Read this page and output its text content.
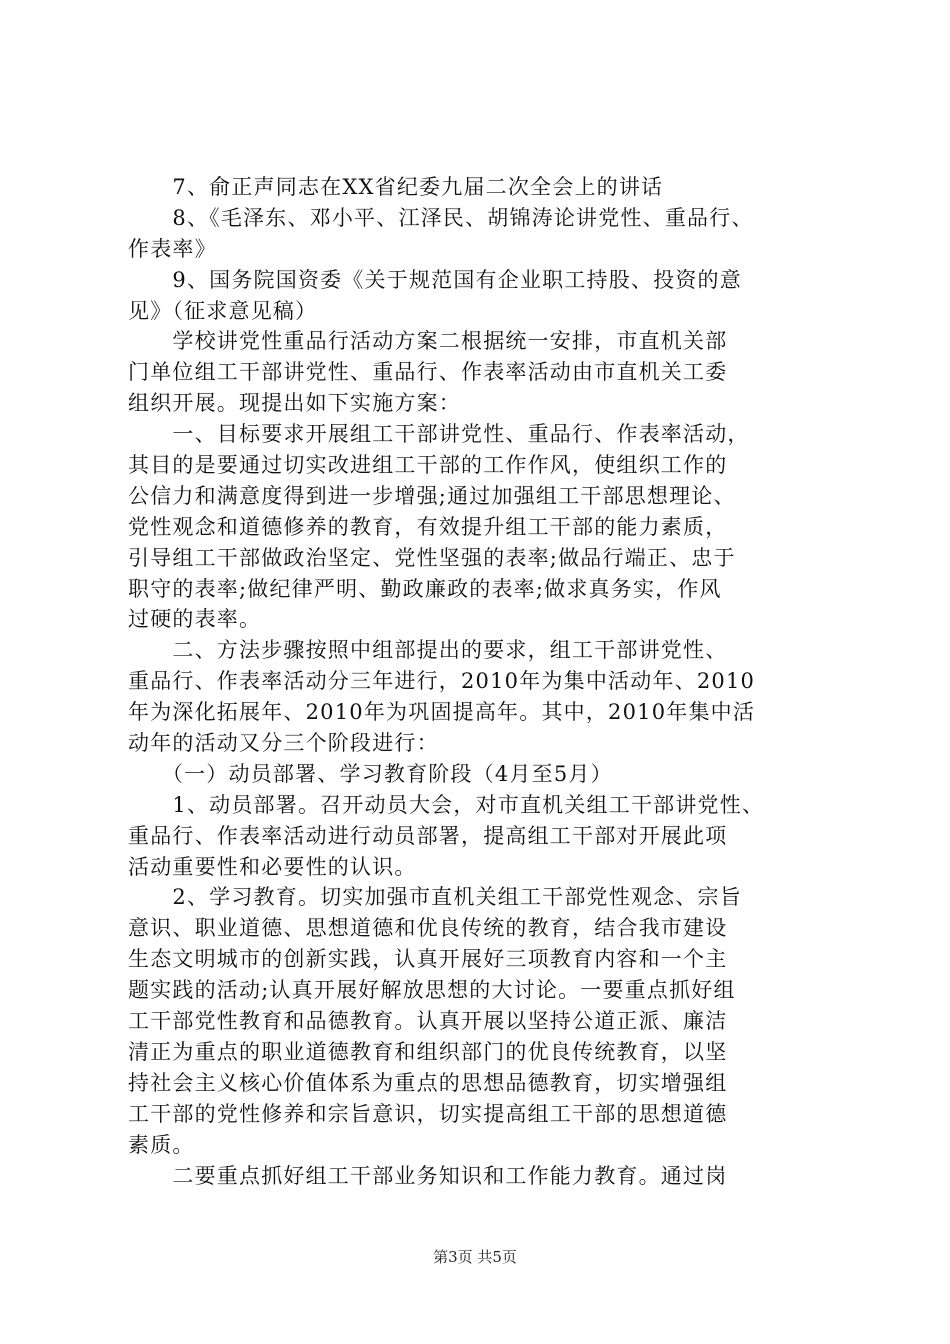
　　7、俞正声同志在XX省纪委九届二次全会上的讲话
　　8、《毛泽东、邓小平、江泽民、胡锦涛论讲党性、重品行、
作表率》
　　9、国务院国资委《关于规范国有企业职工持股、投资的意
见》（征求意见稿）
　　学校讲党性重品行活动方案二根据统一安排，市直机关部
门单位组工干部讲党性、重品行、作表率活动由市直机关工委
组织开展。现提出如下实施方案：
　　一、目标要求开展组工干部讲党性、重品行、作表率活动，
其目的是要通过切实改进组工干部的工作作风，使组织工作的
公信力和满意度得到进一步增强;通过加强组工干部思想理论、
党性观念和道德修养的教育，有效提升组工干部的能力素质，
引导组工干部做政治坚定、党性坚强的表率;做品行端正、忠于
职守的表率;做纪律严明、勤政廉政的表率;做求真务实，作风
过硬的表率。
　　二、方法步骤按照中组部提出的要求，组工干部讲党性、
重品行、作表率活动分三年进行，2010年为集中活动年、2010
年为深化拓展年、2010年为巩固提高年。其中，2010年集中活
动年的活动又分三个阶段进行：
　　（一）动员部署、学习教育阶段（4月至5月）
　　1、动员部署。召开动员大会，对市直机关组工干部讲党性、
重品行、作表率活动进行动员部署，提高组工干部对开展此项
活动重要性和必要性的认识。
　　2、学习教育。切实加强市直机关组工干部党性观念、宗旨
意识、职业道德、思想道德和优良传统的教育，结合我市建设
生态文明城市的创新实践，认真开展好三项教育内容和一个主
题实践的活动;认真开展好解放思想的大讨论。一要重点抓好组
工干部党性教育和品德教育。认真开展以坚持公道正派、廉洁
清正为重点的职业道德教育和组织部门的优良传统教育，以坚
持社会主义核心价值体系为重点的思想品德教育，切实增强组
工干部的党性修养和宗旨意识，切实提高组工干部的思想道德
素质。
　　二要重点抓好组工干部业务知识和工作能力教育。通过岗
第3页 共5页
